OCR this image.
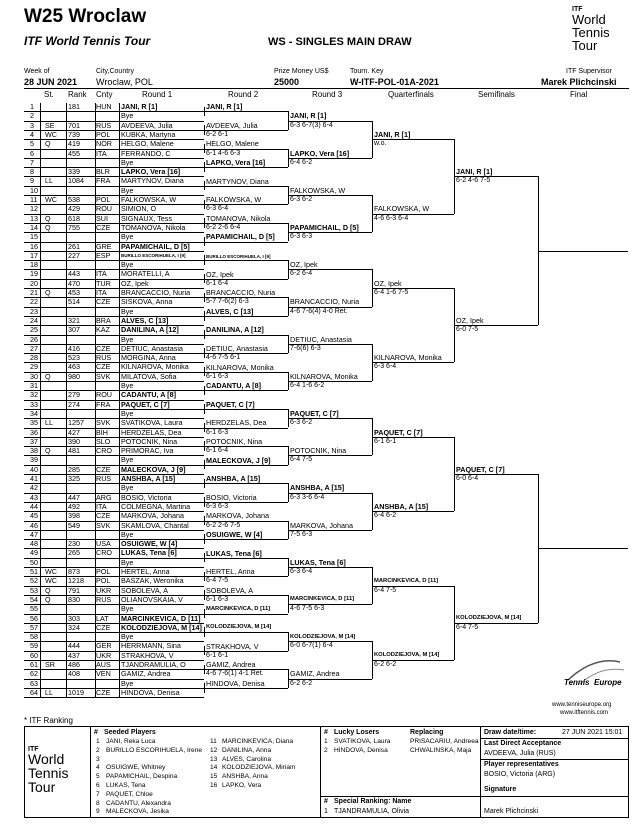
W25 Wroclaw
ITF World Tennis Tour	WS - SINGLES MAIN DRAW
ITF
World
Tennis
Tour
Week of
28 JUN 2021
City,Country
Wroclaw, POL
Prize Money US$
25000
Tourn. Key
W-ITF-POL-01A-2021
ITF Supervisor
Marek Plichcinski
St. Rank Cnty	Round 1	Round 2	Round 3	Quarterfinals	Semifinals	Final
1	181 HUN JANI, R [1]
2	Bye
3 SE 701 RUS AVDEEVA, Julia
4 WC 739 POL KUBKA, Martyna
5 Q 419 NOR HELGO, Malene
6	455 ITA FERRANDO, C
7	Bye
8	339 BLR LAPKO, Vera [16]
9 LL 1084 FRA MARTYNOV, Diana
10	Bye
11 WC 538 POL FALKOWSKA, W
12	429 ROU SIMION, O
13 Q 618 SUI SIGNAUX, Tess
14 Q 755 CZE TOMANOVA, Nikola
15	Bye
16	261 GRE PAPAMICHAIL, D [5]
17	227 ESP BURILLO ESCORIHUELA, I [9]
18	Bye
19	443 ITA MORATELLI, A
20	470 TUR OZ, Ipek
21 Q 453 ITA BRANCACCIO, Nuria
22	514 CZE SISKOVA, Anna
23	Bye
24	321 BRA ALVES, C [13]
25	307 KAZ DANILINA, A [12]
26	Bye
27	416 CZE DETIUC, Anastasia
28	523 RUS MORGINA, Anna
29	463 CZE KILNAROVA, Monika
30 Q 980 SVK MILATOVA, Sofia
31	Bye
32	279 ROU CADANTU, A [8]
33	274 FRA PAQUET, C [7]
34	Bye
35 LL 1257 SVK SVATIKOVA, Laura
36	427 BIH HERDZELAS, Dea
37	390 SLO POTOCNIK, Nina
38 Q 481 CRO PRIMORAC, Iva
39	Bye
40	285 CZE MALECKOVA, J [9]
41	325 RUS ANSHBA, A [15]
42	Bye
43	447 ARG BOSIO, Victoria
44	492 ITA COLMEGNA, Martina
45	398 CZE MARKOVA, Johana
46	549 SVK SKAMLOVA, Chantal
47	Bye
48	230 USA OSUIGWE, W [4]
49	265 CRO LUKAS, Tena [6]
50	Bye
51 WC 873 POL HERTEL, Anna
52 WC 1218 POL BASZAK, Weronika
53 Q 791 UKR SOBOLEVA, A
54 Q 830 RUS OLIANOVSKAIA, V
55	Bye
56	303 LAT MARCINKEVICA, D [11]
57	324 CZE KOLODZIEJOVA, M [14]
58	Bye
59	444 GER HERRMANN, Sina
60	437 UKR STRAKHOVA, V
61 SR 486 AUS TJANDRAMULIA, O
62	408 VEN GAMIZ, Andrea
63	Bye
64 LL 1019 CZE HINDOVA, Denisa
JANI, R [1]
AVDEEVA, Julia
6-2 6-1
HELGO, Malene
6-1 4-6 6-3
LAPKO, Vera [16]
MARTYNOV, Diana
FALKOWSKA, W
6-3 6-4
TOMANOVA, Nikola
6-2 2-6 6-4
PAPAMICHAIL, D [5]
BURILLO ESCORIHUELA, I [9]
OZ, Ipek
6-1 6-4
BRANCACCIO, Nuria
5-7 7-6(2) 6-3
ALVES, C [13]
DANILINA, A [12]
DETIUC, Anastasia
4-6 7-5 6-1
KILNAROVA, Monika
6-1 6-3
CADANTU, A [8]
PAQUET, C [7]
HERDZELAS, Dea
6-1 6-3
POTOCNIK, Nina
6-1 6-4
MALECKOVA, J [9]
ANSHBA, A [15]
BOSIO, Victoria
6-3 6-3
MARKOVA, Johana
6-2 2-6 7-5
OSUIGWE, W [4]
LUKAS, Tena [6]
HERTEL, Anna
6-4 7-5
SOBOLEVA, A
6-1 6-3
MARCINKEVICA, D [11]
KOLODZIEJOVA, M [14]
STRAKHOVA, V
6-1 6-1
GAMIZ, Andrea
4-6 7-6(1) 4-1 Ret.
HINDOVA, Denisa
JANI, R [1]
6-3 6-7(3) 6-4
LAPKO, Vera [16]
6-4 6-2
FALKOWSKA, W
6-3 6-2
PAPAMICHAIL, D [5]
6-3 6-3
OZ, Ipek
6-2 6-4
BRANCACCIO, Nuria
4-6 7-6(4) 4-0 Ret.
DETIUC, Anastasia
7-6(6) 6-3
KILNAROVA, Monika
6-4 1-6 6-2
PAQUET, C [7]
6-3 6-2
POTOCNIK, Nina
6-4 7-5
ANSHBA, A [15]
6-3 3-6 6-4
MARKOVA, Johana
7-5 6-3
LUKAS, Tena [6]
6-3 6-4
MARCINKEVICA, D [11]
4-6 7-5 6-3
KOLODZIEJOVA, M [14]
6-0 6-7(1) 6-4
GAMIZ, Andrea
6-2 6-2
JANI, R [1]
w.o.
FALKOWSKA, W
4-6 6-3 6-4
OZ, Ipek
6-4 1-6 7-5
KILNAROVA, Monika
6-3 6-4
PAQUET, C [7]
6-1 6-1
ANSHBA, A [15]
6-4 6-2
MARCINKEVICA, D [11]
6-4 7-5
KOLODZIEJOVA, M [14]
6-2 6-2
JANI, R [1]
6-2 4-6 7-5
OZ, Ipek
6-0 7-5
PAQUET, C [7]
6-0 6-4
KOLODZIEJOVA, M [14]
6-4 7-5
* ITF Ranking
ITF
World
Tennis
Tour
# Seeded Players
1 JANI, Reka Luca
2 BURILLO ESCORIHUELA, Irene
3
4 OSUIGWE, Whitney
5 PAPAMICHAIL, Despina
6 LUKAS, Tena
7 PAQUET, Chloe
8 CADANTU, Alexandra
9 MALECKOVA, Jesika
11 MARCINKEVICA, Diana
12 DANILINA, Anna
13 ALVES, Carolina
14 KOLODZIEJOVA, Miriam
15 ANSHBA, Anna
16 LAPKO, Vera
# Lucky Losers	Replacing
1 SVATIKOVA, Laura	PRISACARIU, Andreea
2 HINDOVA, Denisa	CHWALINSKA, Maja
# Special Ranking: Name
1 TJANDRAMULIA, Olivia
Draw date/time:	27 JUN 2021 15:01
Last Direct Acceptance
AVDEEVA, Julia (RUS)
Player representatives
BOSIO, Victoria (ARG)
Signature
Marek Plichcinski
Tennis Europe
www.tenniseurope.org
www.itftennis.com
